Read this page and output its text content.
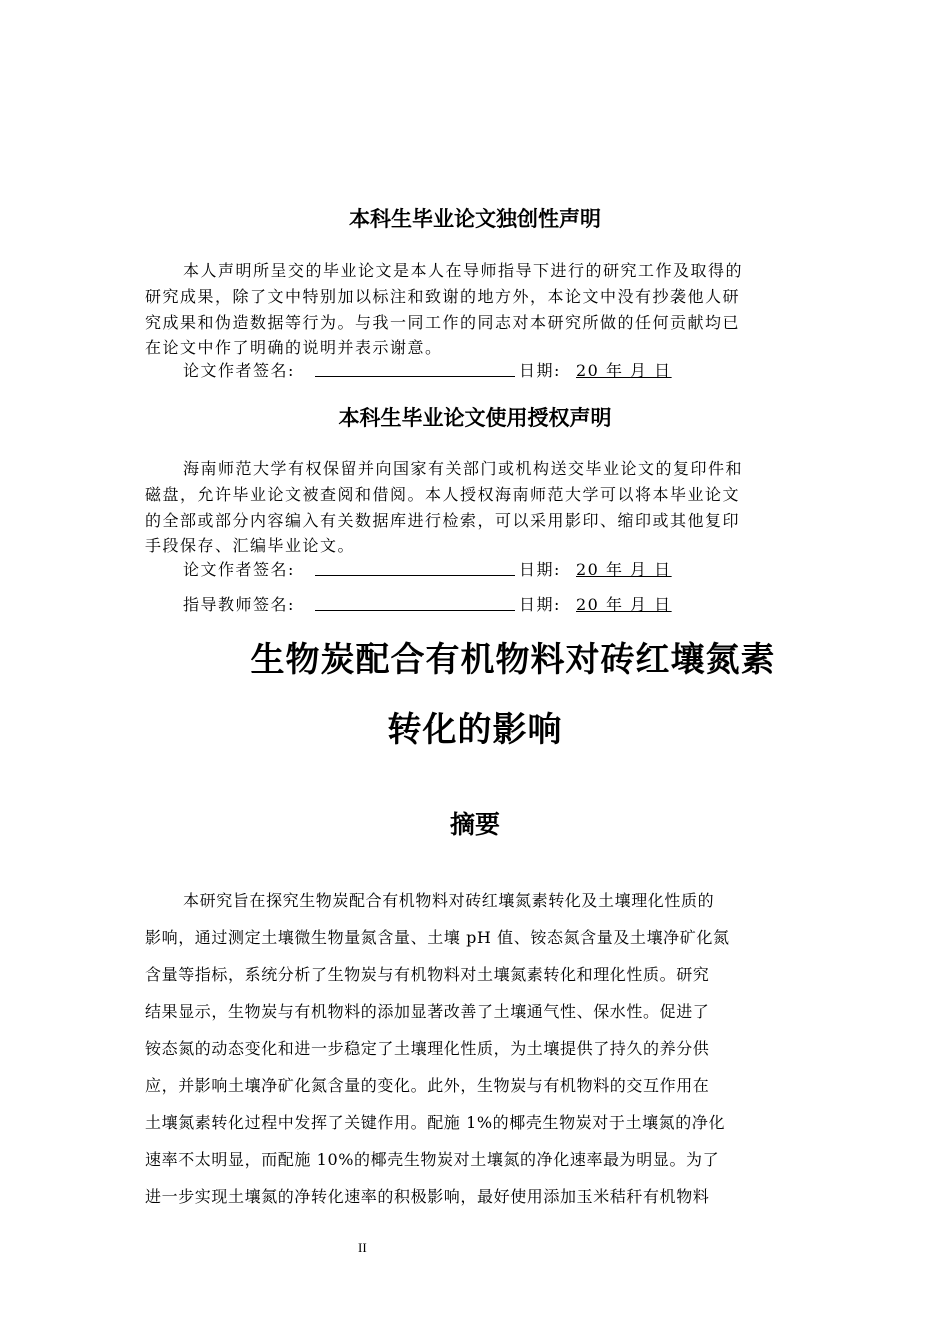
本科生毕业论文独创性声明
本人声明所呈交的毕业论文是本人在导师指导下进行的研究工作及取得的
研究成果，除了文中特别加以标注和致谢的地方外，本论文中没有抄袭他人研
究成果和伪造数据等行为。与我一同工作的同志对本研究所做的任何贡献均已
在论文中作了明确的说明并表示谢意。
论文作者签名:	日期: 20 年 月 日
本科生毕业论文使用授权声明
海南师范大学有权保留并向国家有关部门或机构送交毕业论文的复印件和
磁盘，允许毕业论文被查阅和借阅。本人授权海南师范大学可以将本毕业论文
的全部或部分内容编入有关数据库进行检索，可以采用影印、缩印或其他复印
手段保存、汇编毕业论文。
论文作者签名:	日期: 20 年 月 日
指导教师签名:	日期: 20 年 月 日
生物炭配合有机物料对砖红壤氮素
转化的影响
摘要
本研究旨在探究生物炭配合有机物料对砖红壤氮素转化及土壤理化性质的
影响，通过测定土壤微生物量氮含量、土壤 pH 值、铵态氮含量及土壤净矿化氮
含量等指标，系统分析了生物炭与有机物料对土壤氮素转化和理化性质。研究
结果显示，生物炭与有机物料的添加显著改善了土壤通气性、保水性。促进了
铵态氮的动态变化和进一步稳定了土壤理化性质，为土壤提供了持久的养分供
应，并影响土壤净矿化氮含量的变化。此外，生物炭与有机物料的交互作用在
土壤氮素转化过程中发挥了关键作用。配施 1%的椰壳生物炭对于土壤氮的净化
速率不太明显，而配施 10%的椰壳生物炭对土壤氮的净化速率最为明显。为了
进一步实现土壤氮的净转化速率的积极影响，最好使用添加玉米秸秆有机物料
II
